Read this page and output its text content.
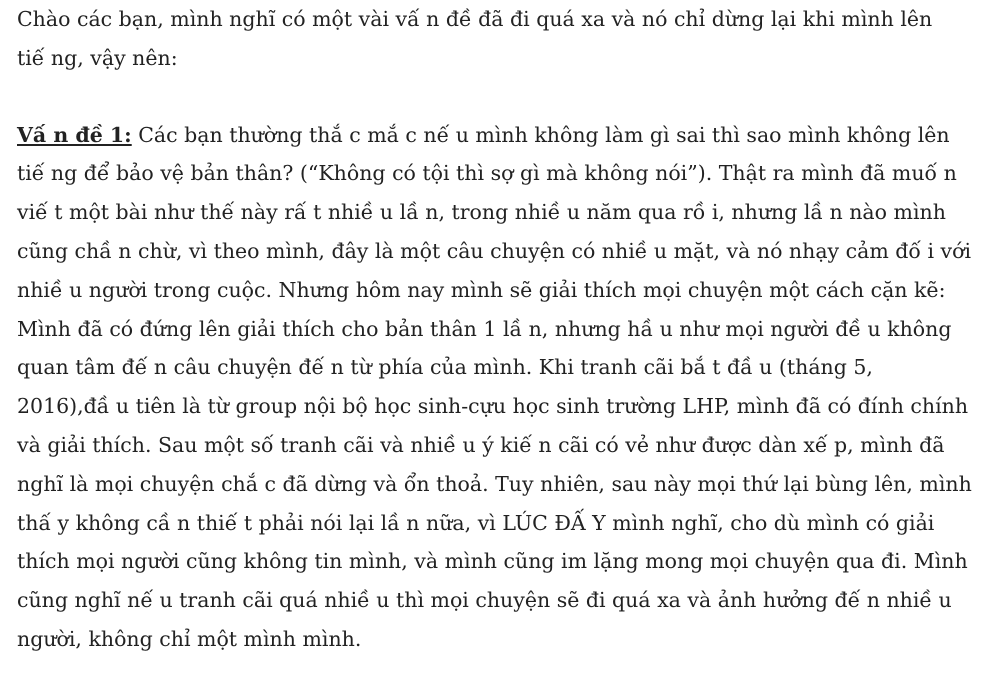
Chào các bạn, mình nghĩ có một vài vấ n đề đã đi quá xa và nó chỉ dừng lại khi mình lên
tiế ng, vậy nên:

Vấ n đề 1: Các bạn thường thắ c mắ c nế u mình không làm gì sai thì sao mình không lên
tiế ng để bảo vệ bản thân? (“Không có tội thì sợ gì mà không nói”). Thật ra mình đã muố n
viế t một bài như thế này rấ t nhiề u lầ n, trong nhiề u năm qua rồ i, nhưng lầ n nào mình
cũng chầ n chừ, vì theo mình, đây là một câu chuyện có nhiề u mặt, và nó nhạy cảm đố i với
nhiề u người trong cuộc. Nhưng hôm nay mình sẽ giải thích mọi chuyện một cách cặn kẽ:
Mình đã có đứng lên giải thích cho bản thân 1 lầ n, nhưng hầ u như mọi người đề u không
quan tâm đế n câu chuyện đế n từ phía của mình. Khi tranh cãi bắ t đầ u (tháng 5,
2016),đầ u tiên là từ group nội bộ học sinh-cựu học sinh trường LHP, mình đã có đính chính
và giải thích. Sau một số tranh cãi và nhiề u ý kiế n cãi có vẻ như được dàn xế p, mình đã
nghĩ là mọi chuyện chắ c đã dừng và ổn thoả. Tuy nhiên, sau này mọi thứ lại bùng lên, mình
thấ y không cầ n thiế t phải nói lại lầ n nữa, vì LÚC ĐẤ Y mình nghĩ, cho dù mình có giải
thích mọi người cũng không tin mình, và mình cũng im lặng mong mọi chuyện qua đi. Mình
cũng nghĩ nế u tranh cãi quá nhiề u thì mọi chuyện sẽ đi quá xa và ảnh hưởng đế n nhiề u
người, không chỉ một mình mình.
